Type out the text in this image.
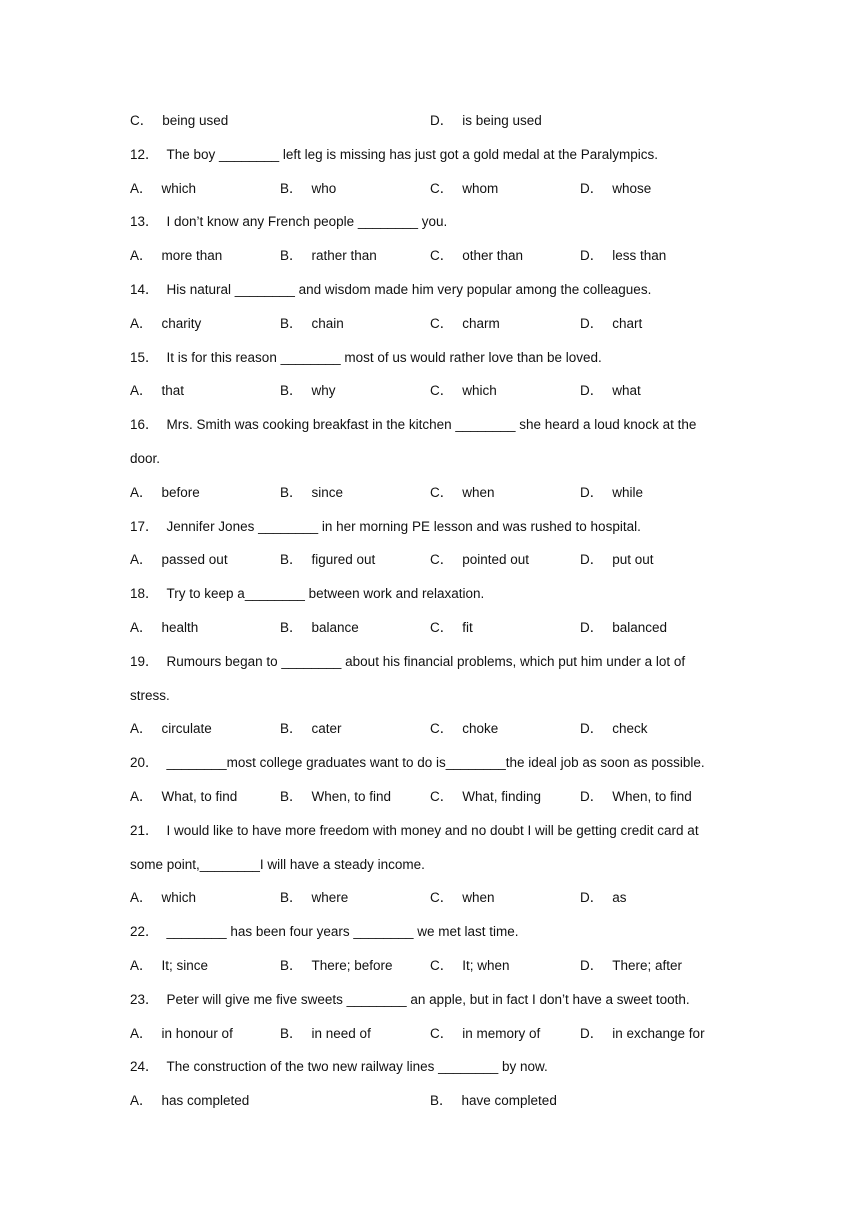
C． being used	D． is being used
12． The boy ________ left leg is missing has just got a gold medal at the Paralympics.
A． which	B． who	C． whom	D． whose
13． I don’t know any French people ________ you.
A． more than	B． rather than	C． other than	D． less than
14． His natural ________ and wisdom made him very popular among the colleagues.
A． charity	B． chain	C． charm	D． chart
15． It is for this reason ________ most of us would rather love than be loved.
A． that	B． why	C． which	D． what
16． Mrs. Smith was cooking breakfast in the kitchen ________ she heard a loud knock at the
door.
A． before	B． since	C． when	D． while
17． Jennifer Jones ________ in her morning PE lesson and was rushed to hospital.
A． passed out	B． figured out	C． pointed out	D． put out
18． Try to keep a________ between work and relaxation.
A． health	B． balance	C． fit	D． balanced
19． Rumours began to ________ about his financial problems, which put him under a lot of
stress.
A． circulate	B． cater	C． choke	D． check
20． ________most college graduates want to do is________the ideal job as soon as possible.
A． What, to find	B． When, to find	C． What, finding	D． When, to find
21． I would like to have more freedom with money and no doubt I will be getting credit card at
some point,________I will have a steady income.
A． which	B． where	C． when	D． as
22． ________ has been four years ________ we met last time.
A． It; since	B． There; before	C． It; when	D． There; after
23． Peter will give me five sweets ________ an apple, but in fact I don’t have a sweet tooth.
A． in honour of	B． in need of	C． in memory of	D． in exchange for
24． The construction of the two new railway lines ________ by now.
A． has completed	B． have completed
